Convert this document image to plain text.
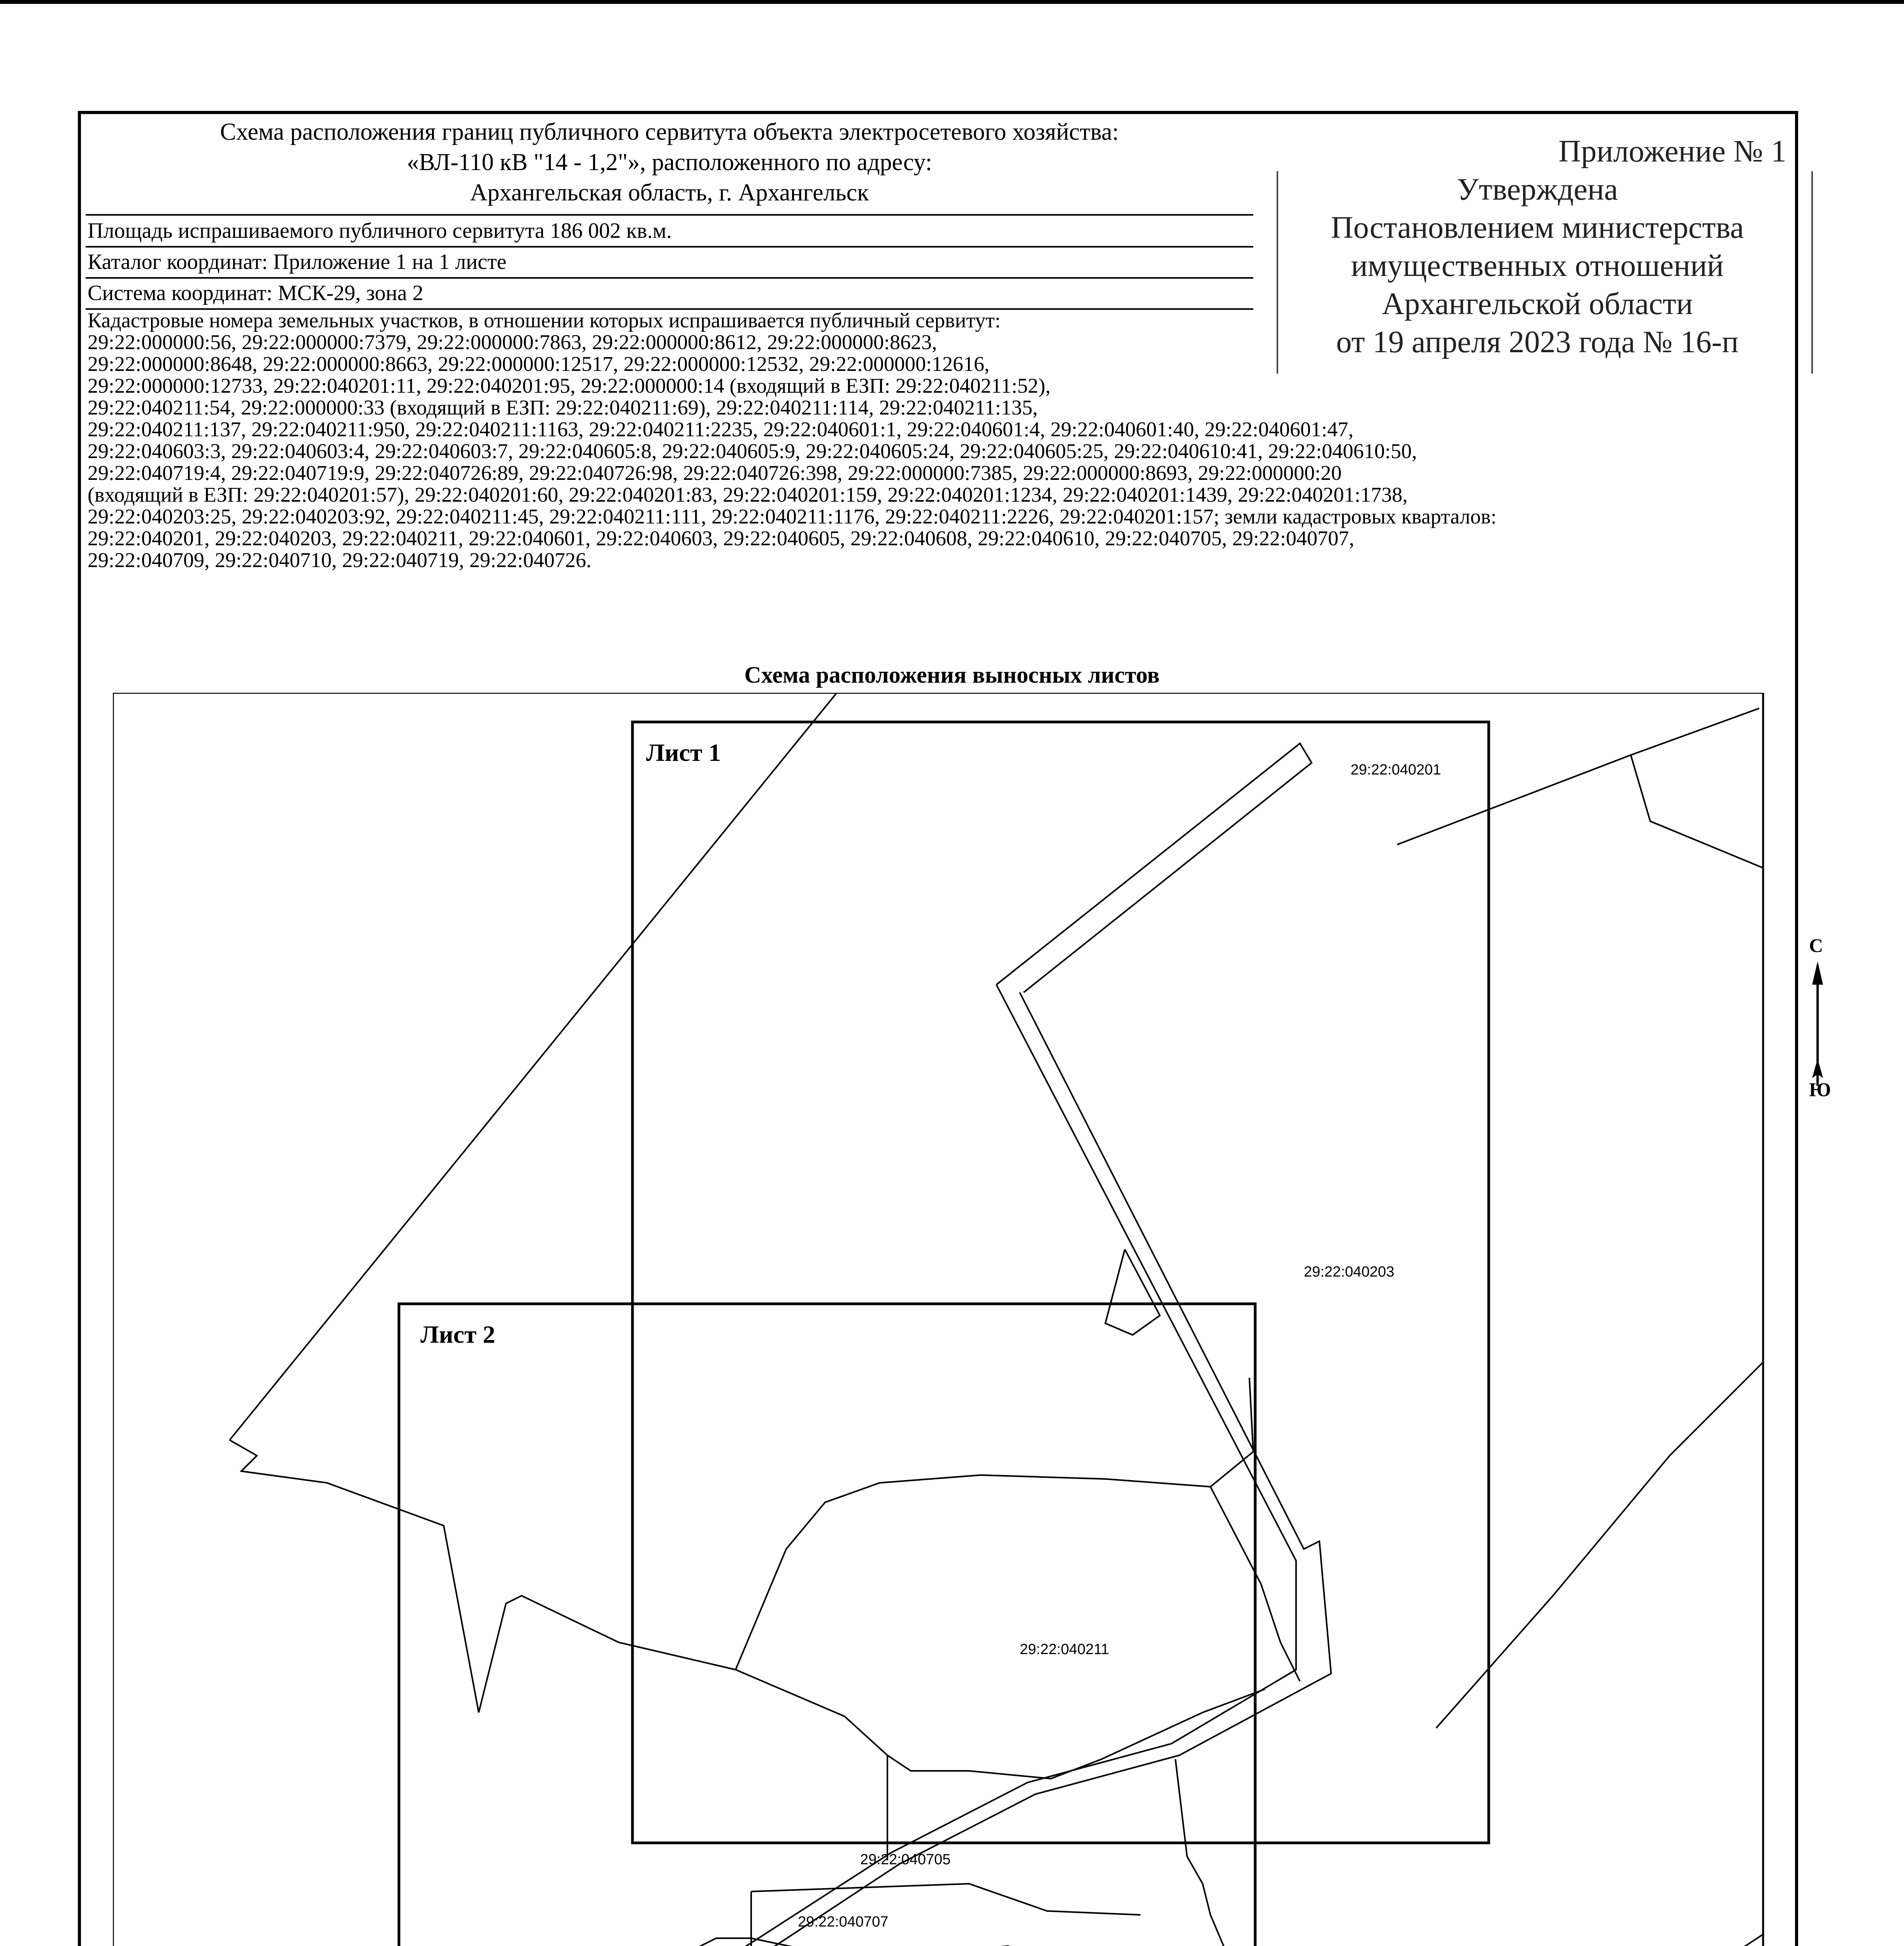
Схема расположения границ публичного сервитута объекта электросетевого хозяйства:
«ВЛ-110 кВ "14 - 1,2"», расположенного по адресу:
Архангельская область, г. Архангельск
Площадь испрашиваемого публичного сервитута 186 002 кв.м.
Каталог координат: Приложение 1 на 1 листе
Система координат: МСК-29, зона 2
Кадастровые номера земельных участков, в отношении которых испрашивается публичный сервитут:
29:22:000000:56, 29:22:000000:7379, 29:22:000000:7863, 29:22:000000:8612, 29:22:000000:8623,
29:22:000000:8648, 29:22:000000:8663, 29:22:000000:12517, 29:22:000000:12532, 29:22:000000:12616,
29:22:000000:12733, 29:22:040201:11, 29:22:040201:95, 29:22:000000:14 (входящий в ЕЗП: 29:22:040211:52),
29:22:040211:54, 29:22:000000:33 (входящий в ЕЗП: 29:22:040211:69), 29:22:040211:114, 29:22:040211:135,
29:22:040211:137, 29:22:040211:950, 29:22:040211:1163, 29:22:040211:2235, 29:22:040601:1, 29:22:040601:4, 29:22:040601:40, 29:22:040601:47,
29:22:040603:3, 29:22:040603:4, 29:22:040603:7, 29:22:040605:8, 29:22:040605:9, 29:22:040605:24, 29:22:040605:25, 29:22:040610:41, 29:22:040610:50,
29:22:040719:4, 29:22:040719:9, 29:22:040726:89, 29:22:040726:98, 29:22:040726:398, 29:22:000000:7385, 29:22:000000:8693, 29:22:000000:20
(входящий в ЕЗП: 29:22:040201:57), 29:22:040201:60, 29:22:040201:83, 29:22:040201:159, 29:22:040201:1234, 29:22:040201:1439, 29:22:040201:1738,
29:22:040203:25, 29:22:040203:92, 29:22:040211:45, 29:22:040211:111, 29:22:040211:1176, 29:22:040211:2226, 29:22:040201:157; земли кадастровых кварталов:
29:22:040201, 29:22:040203, 29:22:040211, 29:22:040601, 29:22:040603, 29:22:040605, 29:22:040608, 29:22:040610, 29:22:040705, 29:22:040707,
29:22:040709, 29:22:040710, 29:22:040719, 29:22:040726.
Приложение № 1
Утверждена
Постановлением министерства
имущественных отношений
Архангельской области
от 19 апреля 2023 года № 16-п
Схема расположения выносных листов
Лист 1
Лист 2
29:22:040201
29:22:040203
29:22:040211
29:22:040705
29:22:040707
С
Ю
